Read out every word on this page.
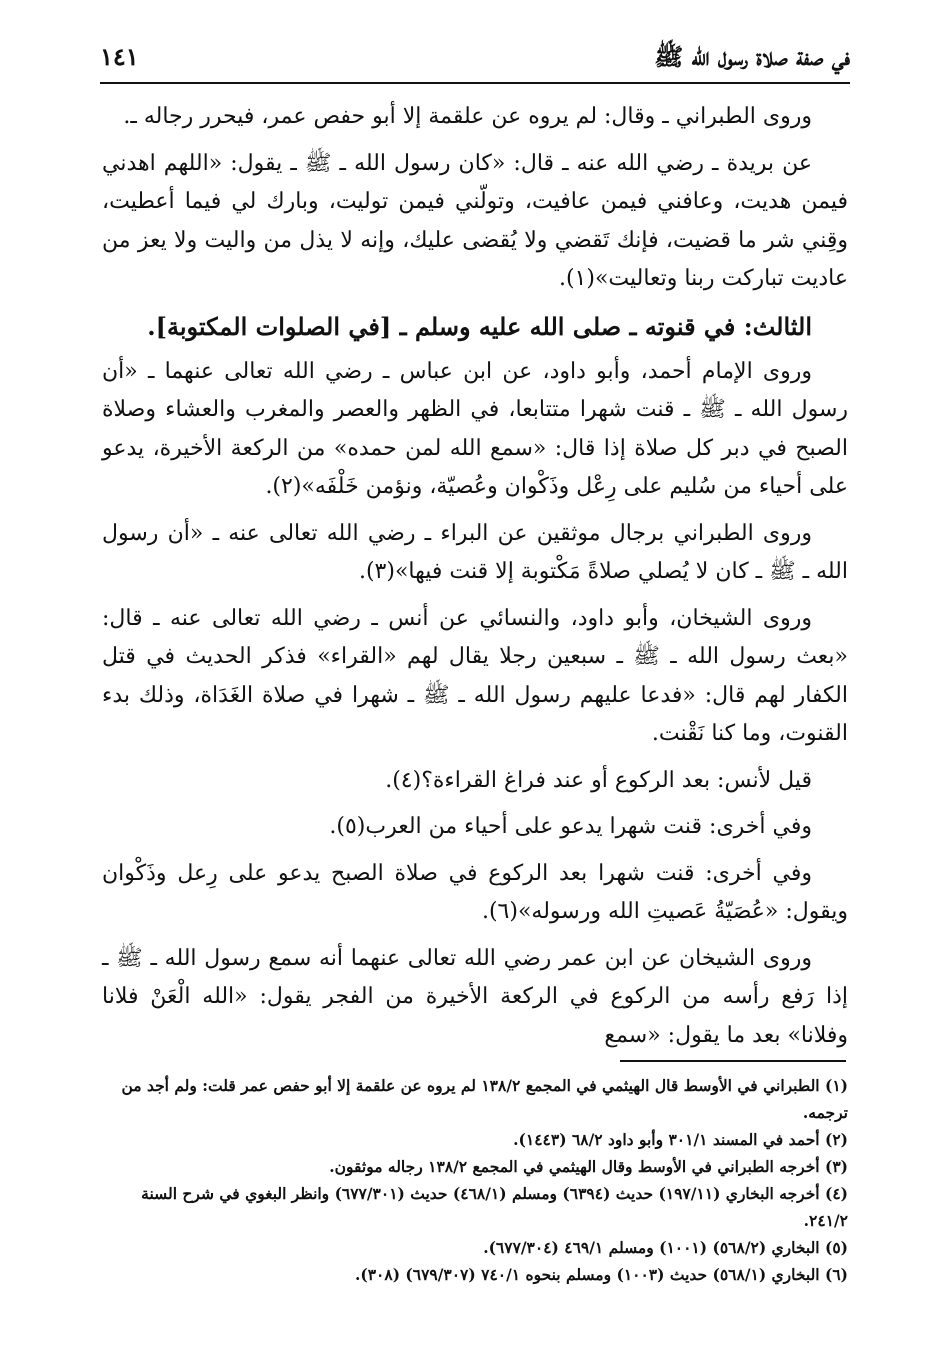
في صفة صلاة رسول الله ﷺ
١٤١

وروى الطبراني ـ وقال: لم يروه عن علقمة إلا أبو حفص عمر، فيحرر رجاله ـ.

عن بريدة ـ رضي الله عنه ـ قال: «كان رسول الله ـ ﷺ ـ يقول: «اللهم اهدني فيمن هديت، وعافني فيمن عافيت، وتولّني فيمن توليت، وبارك لي فيما أعطيت، وقِني شر ما قضيت، فإنك تَقضي ولا يُقضى عليك، وإنه لا يذل من واليت ولا يعز من عاديت تباركت ربنا وتعاليت»(١).

الثالث: في قنوته ـ صلى الله عليه وسلم ـ [في الصلوات المكتوبة].

وروى الإمام أحمد، وأبو داود، عن ابن عباس ـ رضي الله تعالى عنهما ـ «أن رسول الله ـ ﷺ ـ قنت شهرا متتابعا، في الظهر والعصر والمغرب والعشاء وصلاة الصبح في دبر كل صلاة إذا قال: «سمع الله لمن حمده» من الركعة الأخيرة، يدعو على أحياء من سُليم على رِعْل وذَكْوان وعُصيّة، ونؤمن خَلْفَه»(٢).

وروى الطبراني برجال موثقين عن البراء ـ رضي الله تعالى عنه ـ «أن رسول الله ـ ﷺ ـ كان لا يُصلي صلاةً مَكْتوبة إلا قنت فيها»(٣).

وروى الشيخان، وأبو داود، والنسائي عن أنس ـ رضي الله تعالى عنه ـ قال: «بعث رسول الله ـ ﷺ ـ سبعين رجلا يقال لهم «القراء» فذكر الحديث في قتل الكفار لهم قال: «فدعا عليهم رسول الله ـ ﷺ ـ شهرا في صلاة الغَدَاة، وذلك بدء القنوت، وما كنا نَقْنت.

قيل لأنس: بعد الركوع أو عند فراغ القراءة؟(٤).

وفي أخرى: قنت شهرا يدعو على أحياء من العرب(٥).

وفي أخرى: قنت شهرا بعد الركوع في صلاة الصبح يدعو على رِعل وذَكْوان ويقول: «عُصَيّةُ عَصيتِ الله ورسوله»(٦).

وروى الشيخان عن ابن عمر رضي الله تعالى عنهما أنه سمع رسول الله ـ ﷺ ـ إذا رَفع رأسه من الركوع في الركعة الأخيرة من الفجر يقول: «الله الْعَنْ فلانا وفلانا» بعد ما يقول: «سمع

(١) الطبراني في الأوسط قال الهيثمي في المجمع ١٣٨/٢ لم يروه عن علقمة إلا أبو حفص عمر قلت: ولم أجد من ترجمه.

(٢) أحمد في المسند ٣٠١/١ وأبو داود ٦٨/٢ (١٤٤٣).

(٣) أخرجه الطبراني في الأوسط وقال الهيثمي في المجمع ١٣٨/٢ رجاله موثقون.

(٤) أخرجه البخاري (١٩٧/١١) حديث (٦٣٩٤) ومسلم (٤٦٨/١) حديث (٦٧٧/٣٠١) وانظر البغوي في شرح السنة ٢٤١/٢.

(٥) البخاري (٥٦٨/٢) (١٠٠١) ومسلم ٤٦٩/١ (٦٧٧/٣٠٤).

(٦) البخاري (٥٦٨/١) حديث (١٠٠٣) ومسلم بنحوه ٧٤٠/١ (٦٧٩/٣٠٧) (٣٠٨).
